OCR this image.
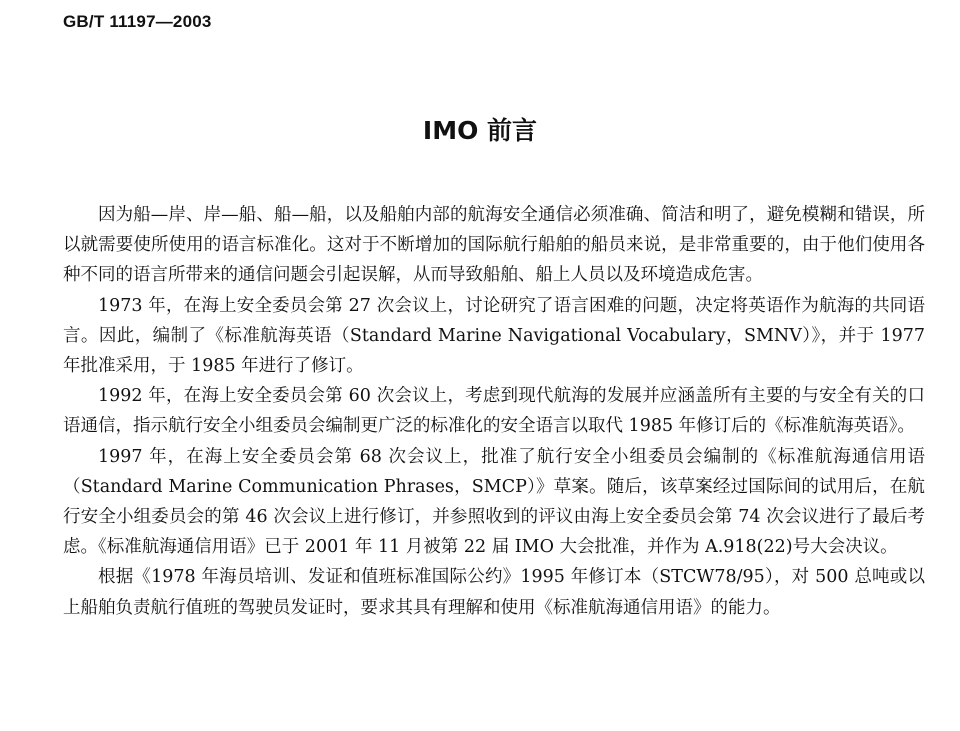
GB/T 11197—2003
IMO 前言

因为船—岸、岸—船、船—船，以及船舶内部的航海安全通信必须准确、简洁和明了，避免模糊和错误，所以就需要使所使用的语言标准化。这对于不断增加的国际航行船舶的船员来说，是非常重要的，由于他们使用各种不同的语言所带来的通信问题会引起误解，从而导致船舶、船上人员以及环境造成危害。

1973 年，在海上安全委员会第 27 次会议上，讨论研究了语言困难的问题，决定将英语作为航海的共同语言。因此，编制了《标准航海英语（Standard Marine Navigational Vocabulary，SMNV）》，并于 1977 年批准采用，于 1985 年进行了修订。

1992 年，在海上安全委员会第 60 次会议上，考虑到现代航海的发展并应涵盖所有主要的与安全有关的口语通信，指示航行安全小组委员会编制更广泛的标准化的安全语言以取代 1985 年修订后的《标准航海英语》。

1997 年，在海上安全委员会第 68 次会议上，批准了航行安全小组委员会编制的《标准航海通信用语（Standard Marine Communication Phrases，SMCP）》草案。随后，该草案经过国际间的试用后，在航行安全小组委员会的第 46 次会议上进行修订，并参照收到的评议由海上安全委员会第 74 次会议进行了最后考虑。《标准航海通信用语》已于 2001 年 11 月被第 22 届 IMO 大会批准，并作为 A.918(22)号大会决议。

根据《1978 年海员培训、发证和值班标准国际公约》1995 年修订本（STCW78/95），对 500 总吨或以上船舶负责航行值班的驾驶员发证时，要求其具有理解和使用《标准航海通信用语》的能力。
